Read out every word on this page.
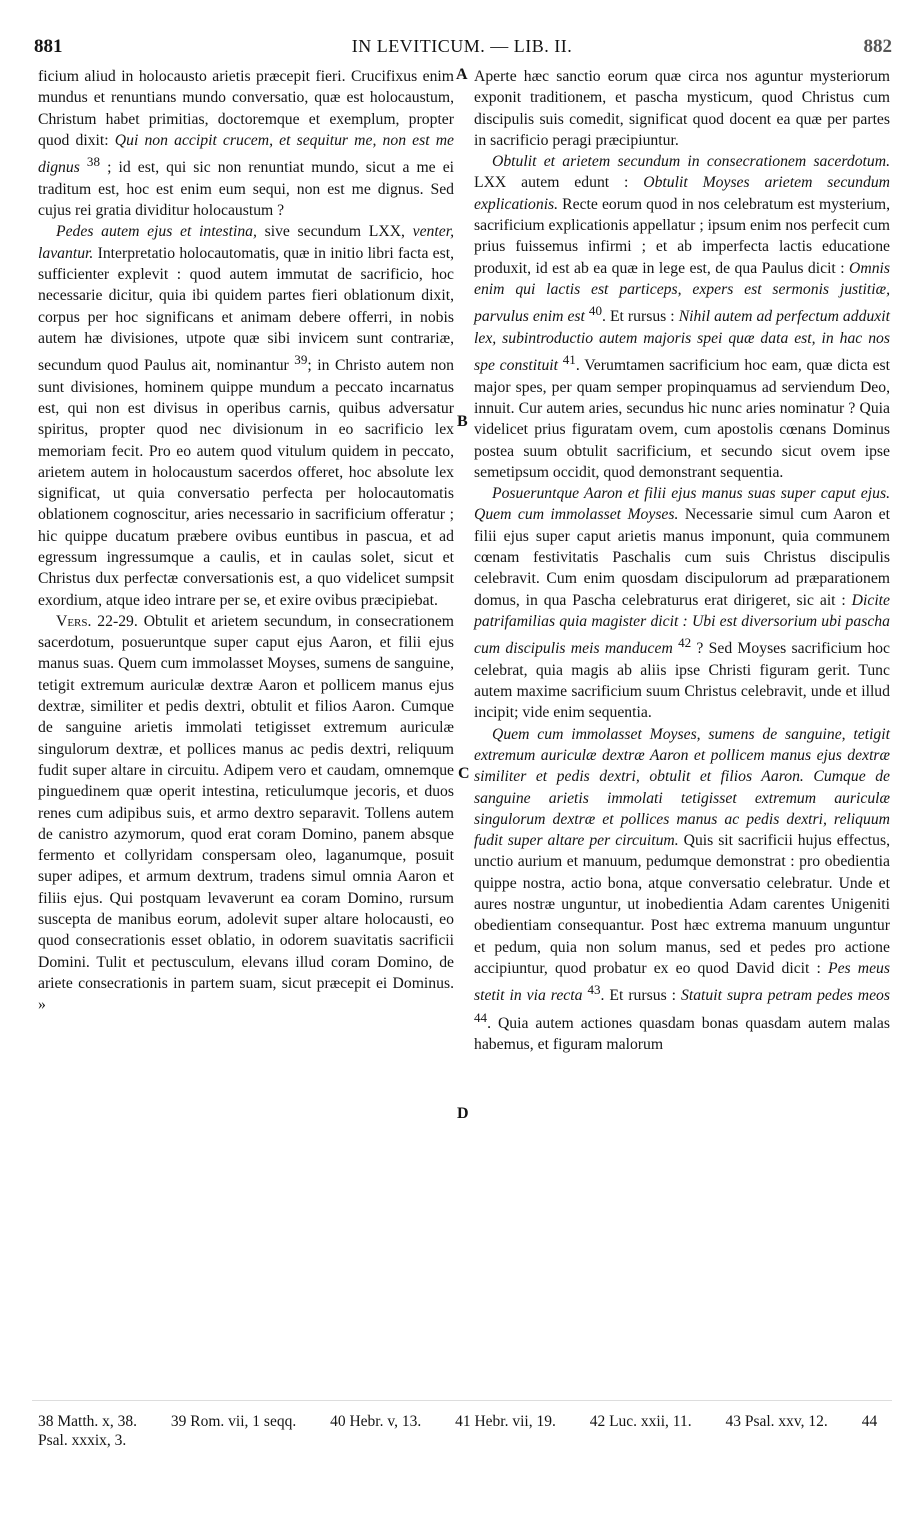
881	IN LEVITICUM. — LIB. II.	882

ficium aliud in holocausto arietis præcepit fieri. Crucifixus enim mundus et renuntians mundo conversatio, quæ est holocaustum, Christum habet primitias, doctoremque et exemplum, propter quod dixit: Qui non accipit crucem, et sequitur me, non est me dignus $^{38}$ ; id est, qui sic non renuntiat mundo, sicut a me ei traditum est, hoc est enim eum sequi, non est me dignus. Sed cujus rei gratia dividitur holocaustum ?

Pedes autem ejus et intestina, sive secundum LXX, venter, lavantur. Interpretatio holocautomatis, quæ in initio libri facta est, sufficienter explevit : quod autem immutat de sacrificio, hoc necessarie dicitur, quia ibi quidem partes fieri oblationum dixit, corpus per hoc significans et animam debere offerri, in nobis autem hæ divisiones, utpote quæ sibi invicem sunt contrariæ, secundum quod Paulus ait, nominantur $^{39}$; in Christo autem non sunt divisiones, hominem quippe mundum a peccato incarnatus est, qui non est divisus in operibus carnis, quibus adversatur spiritus, propter quod nec divisionum in eo sacrificio lex memoriam fecit. Pro eo autem quod vitulum quidem in peccato, arietem autem in holocaustum sacerdos offeret, hoc absolute lex significat, ut quia conversatio perfecta per holocautomatis oblationem cognoscitur, aries necessario in sacrificium offeratur ; hic quippe ducatum præbere ovibus euntibus in pascua, et ad egressum ingressumque a caulis, et in caulas solet, sicut et Christus dux perfectæ conversationis est, a quo videlicet sumpsit exordium, atque ideo intrare per se, et exire ovibus præcipiebat.

Vers. 22-29. Obtulit et arietem secundum, in consecrationem sacerdotum, posueruntque super caput ejus Aaron, et filii ejus manus suas. Quem cum immolasset Moyses, sumens de sanguine, tetigit extremum auriculæ dextræ Aaron et pollicem manus ejus dextræ, similiter et pedis dextri, obtulit et filios Aaron. Cumque de sanguine arietis immolati tetigisset extremum auriculæ singulorum dextræ, et pollices manus ac pedis dextri, reliquum fudit super altare in circuitu. Adipem vero et caudam, omnemque pinguedinem quæ operit intestina, reticulumque jecoris, et duos renes cum adipibus suis, et armo dextro separavit. Tollens autem de canistro azymorum, quod erat coram Domino, panem absque fermento et collyridam conspersam oleo, laganumque, posuit super adipes, et armum dextrum, tradens simul omnia Aaron et filiis ejus. Qui postquam levaverunt ea coram Domino, rursum suscepta de manibus eorum, adolevit super altare holocausti, eo quod consecrationis esset oblatio, in odorem suavitatis sacrificii Domini. Tulit et pectusculum, elevans illud coram Domino, de ariete consecrationis in partem suam, sicut præcepit ei Dominus. »

A
B
C
D

Aperte hæc sanctio eorum quæ circa nos aguntur mysteriorum exponit traditionem, et pascha mysticum, quod Christus cum discipulis suis comedit, significat quod docent ea quæ per partes in sacrificio peragi præcipiuntur.

Obtulit et arietem secundum in consecrationem sacerdotum. LXX autem edunt : Obtulit Moyses arietem secundum explicationis. Recte eorum quod in nos celebratum est mysterium, sacrificium explicationis appellatur ; ipsum enim nos perfecit cum prius fuissemus infirmi ; et ab imperfecta lactis educatione produxit, id est ab ea quæ in lege est, de qua Paulus dicit : Omnis enim qui lactis est particeps, expers est sermonis justitiæ, parvulus enim est $^{40}$. Et rursus : Nihil autem ad perfectum adduxit lex, subintroductio autem majoris spei quæ data est, in hac nos spe constituit $^{41}$. Verumtamen sacrificium hoc eam, quæ dicta est major spes, per quam semper propinquamus ad serviendum Deo, innuit. Cur autem aries, secundus hic nunc aries nominatur ? Quia videlicet prius figuratam ovem, cum apostolis cœnans Dominus postea suum obtulit sacrificium, et secundo sicut ovem ipse semetipsum occidit, quod demonstrant sequentia.

Posueruntque Aaron et filii ejus manus suas super caput ejus. Quem cum immolasset Moyses. Necessarie simul cum Aaron et filii ejus super caput arietis manus imponunt, quia communem cœnam festivitatis Paschalis cum suis Christus discipulis celebravit. Cum enim quosdam discipulorum ad præparationem domus, in qua Pascha celebraturus erat dirigeret, sic ait : Dicite patrifamilias quia magister dicit : Ubi est diversorium ubi pascha cum discipulis meis manducem $^{42}$ ? Sed Moyses sacrificium hoc celebrat, quia magis ab aliis ipse Christi figuram gerit. Tunc autem maxime sacrificium suum Christus celebravit, unde et illud incipit; vide enim sequentia.

Quem cum immolasset Moyses, sumens de sanguine, tetigit extremum auriculæ dextræ Aaron et pollicem manus ejus dextræ similiter et pedis dextri, obtulit et filios Aaron. Cumque de sanguine arietis immolati tetigisset extremum auriculæ singulorum dextræ et pollices manus ac pedis dextri, reliquum fudit super altare per circuitum. Quis sit sacrificii hujus effectus, unctio aurium et manuum, pedumque demonstrat : pro obedientia quippe nostra, actio bona, atque conversatio celebratur. Unde et aures nostræ unguntur, ut inobedientia Adam carentes Unigeniti obedientiam consequantur. Post hæc extrema manuum unguntur et pedum, quia non solum manus, sed et pedes pro actione accipiuntur, quod probatur ex eo quod David dicit : Pes meus stetit in via recta $^{43}$. Et rursus : Statuit supra petram pedes meos $^{44}$. Quia autem actiones quasdam bonas quasdam autem malas habemus, et figuram malorum

38 Matth. x, 38. 39 Rom. vii, 1 seqq. 40 Hebr. v, 13. 41 Hebr. vii, 19. 42 Luc. xxii, 11. 43 Psal. xxv, 12. 44 Psal. xxxix, 3.
